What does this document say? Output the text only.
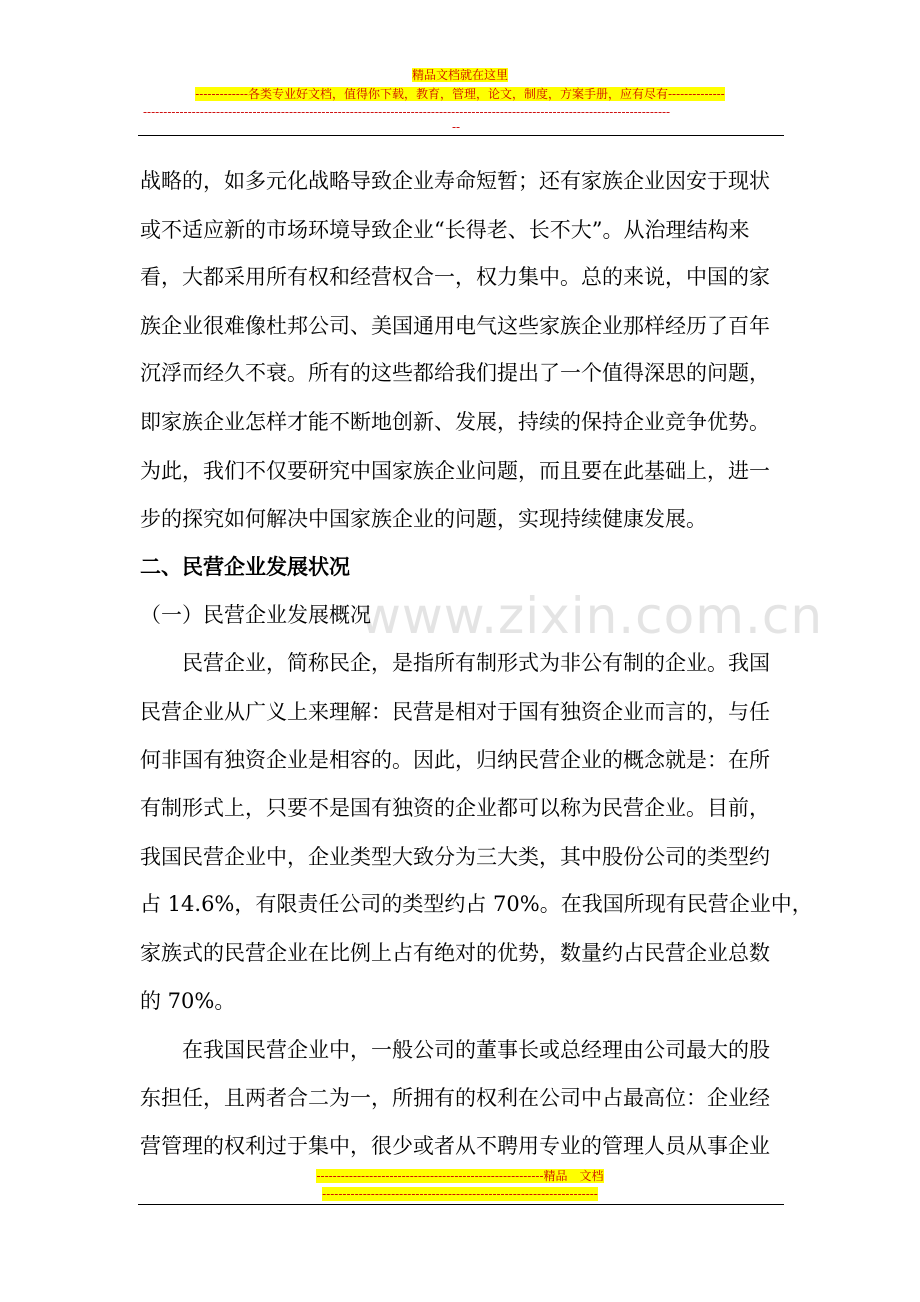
精品文档就在这里
-------------各类专业好文档，值得你下载，教育，管理，论文，制度，方案手册，应有尽有--------------
----------------------------------------------------------------------------------------------------------------------------------
--
www.zixin.com.cn
战略的，如多元化战略导致企业寿命短暂；还有家族企业因安于现状
或不适应新的市场环境导致企业“长得老、长不大”。从治理结构来
看，大都采用所有权和经营权合一，权力集中。总的来说，中国的家
族企业很难像杜邦公司、美国通用电气这些家族企业那样经历了百年
沉浮而经久不衰。所有的这些都给我们提出了一个值得深思的问题，
即家族企业怎样才能不断地创新、发展，持续的保持企业竞争优势。
为此，我们不仅要研究中国家族企业问题，而且要在此基础上，进一
步的探究如何解决中国家族企业的问题，实现持续健康发展。
二、民营企业发展状况
（一）民营企业发展概况
　　民营企业，简称民企，是指所有制形式为非公有制的企业。我国
民营企业从广义上来理解：民营是相对于国有独资企业而言的，与任
何非国有独资企业是相容的。因此，归纳民营企业的概念就是：在所
有制形式上，只要不是国有独资的企业都可以称为民营企业。目前，
我国民营企业中，企业类型大致分为三大类，其中股份公司的类型约
占 14.6%，有限责任公司的类型约占 70%。在我国所现有民营企业中，
家族式的民营企业在比例上占有绝对的优势，数量约占民营企业总数
的 70%。
　　在我国民营企业中，一般公司的董事长或总经理由公司最大的股
东担任，且两者合二为一，所拥有的权利在公司中占最高位：企业经
营管理的权利过于集中，很少或者从不聘用专业的管理人员从事企业
--------------------------------------------------------精品　文档
--------------------------------------------------------------------
